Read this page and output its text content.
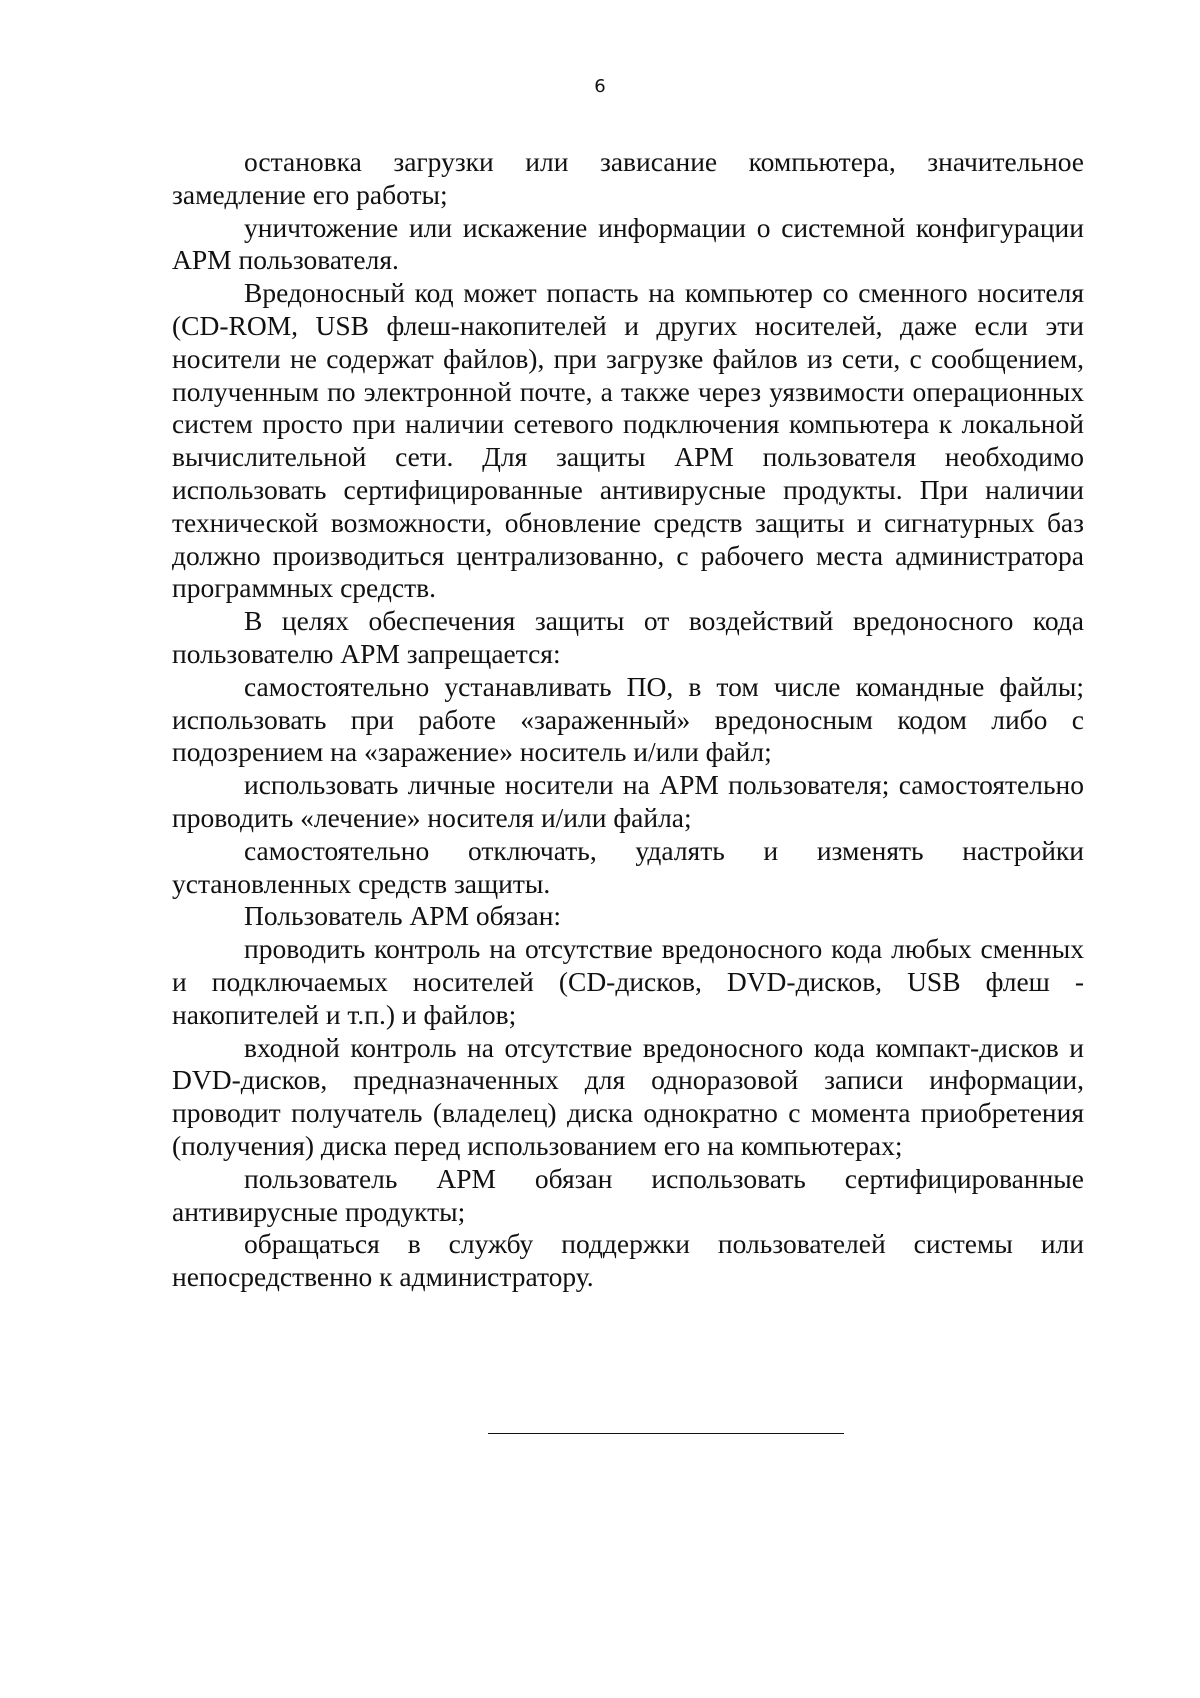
6

остановка загрузки или зависание компьютера, значительное замедление его работы;

уничтожение или искажение информации о системной конфигурации АРМ пользователя.

Вредоносный код может попасть на компьютер со сменного носителя (CD-ROM, USB флеш-накопителей и других носителей, даже если эти носители не содержат файлов), при загрузке файлов из сети, с сообщением, полученным по электронной почте, а также через уязвимости операционных систем просто при наличии сетевого подключения компьютера к локальной вычислительной сети. Для защиты АРМ пользователя необходимо использовать сертифицированные антивирусные продукты. При наличии технической возможности, обновление средств защиты и сигнатурных баз должно производиться централизованно, с рабочего места администратора программных средств.

В целях обеспечения защиты от воздействий вредоносного кода пользователю АРМ запрещается:

самостоятельно устанавливать ПО, в том числе командные файлы; использовать при работе «зараженный» вредоносным кодом либо с подозрением на «заражение» носитель и/или файл;

использовать личные носители на АРМ пользователя; самостоятельно проводить «лечение» носителя и/или файла;

самостоятельно отключать, удалять и изменять настройки установленных средств защиты.

Пользователь АРМ обязан:

проводить контроль на отсутствие вредоносного кода любых сменных и подключаемых носителей (CD-дисков, DVD-дисков, USB флеш - накопителей и т.п.) и файлов;

входной контроль на отсутствие вредоносного кода компакт-дисков и DVD-дисков, предназначенных для одноразовой записи информации, проводит получатель (владелец) диска однократно с момента приобретения (получения) диска перед использованием его на компьютерах;

пользователь АРМ обязан использовать сертифицированные антивирусные продукты;

обращаться в службу поддержки пользователей системы или непосредственно к администратору.
